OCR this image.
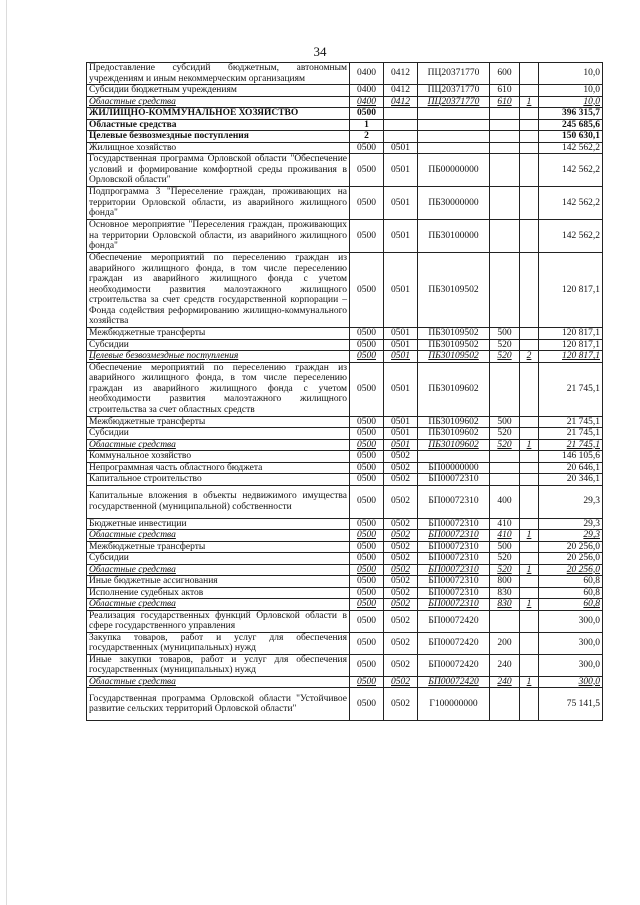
34
Предоставление субсидий бюджетным, автономным учреждениям и иным некоммерческим организациям	0400	0412	ПЦ20371770	600		10,0
Субсидии бюджетным учреждениям	0400	0412	ПЦ20371770	610		10,0
Областные средства	0400	0412	ПЦ20371770	610	1	10,0
ЖИЛИЩНО-КОММУНАЛЬНОЕ ХОЗЯЙСТВО	0500					396 315,7
Областные средства	1					245 685,6
Целевые безвозмездные поступления	2					150 630,1
Жилищное хозяйство	0500	0501				142 562,2
Государственная программа Орловской области "Обеспечение условий и формирование комфортной среды проживания в Орловской области"	0500	0501	ПБ00000000			142 562,2
Подпрограмма 3 "Переселение граждан, проживающих на территории Орловской области, из аварийного жилищного фонда"	0500	0501	ПБ30000000			142 562,2
Основное мероприятие "Переселения граждан, проживающих на территории Орловской области, из аварийного жилищного фонда"	0500	0501	ПБ30100000			142 562,2
Обеспечение мероприятий по переселению граждан из аварийного жилищного фонда, в том числе переселению граждан из аварийного жилищного фонда с учетом необходимости развития малоэтажного жилищного строительства за счет средств государственной корпорации – Фонда содействия реформированию жилищно-коммунального хозяйства	0500	0501	ПБ30109502			120 817,1
Межбюджетные трансферты	0500	0501	ПБ30109502	500		120 817,1
Субсидии	0500	0501	ПБ30109502	520		120 817,1
Целевые безвозмездные поступления	0500	0501	ПБ30109502	520	2	120 817,1
Обеспечение мероприятий по переселению граждан из аварийного жилищного фонда, в том числе переселению граждан из аварийного жилищного фонда с учетом необходимости развития малоэтажного жилищного строительства за счет областных средств	0500	0501	ПБ30109602			21 745,1
Межбюджетные трансферты	0500	0501	ПБ30109602	500		21 745,1
Субсидии	0500	0501	ПБ30109602	520		21 745,1
Областные средства	0500	0501	ПБ30109602	520	1	21 745,1
Коммунальное хозяйство	0500	0502				146 105,6
Непрограммная часть областного бюджета	0500	0502	БП00000000			20 646,1
Капитальное строительство	0500	0502	БП00072310			20 346,1
Капитальные вложения в объекты недвижимого имущества государственной (муниципальной) собственности	0500	0502	БП00072310	400		29,3
Бюджетные инвестиции	0500	0502	БП00072310	410		29,3
Областные средства	0500	0502	БП00072310	410	1	29,3
Межбюджетные трансферты	0500	0502	БП00072310	500		20 256,0
Субсидии	0500	0502	БП00072310	520		20 256,0
Областные средства	0500	0502	БП00072310	520	1	20 256,0
Иные бюджетные ассигнования	0500	0502	БП00072310	800		60,8
Исполнение судебных актов	0500	0502	БП00072310	830		60,8
Областные средства	0500	0502	БП00072310	830	1	60,8
Реализация государственных функций Орловской области в сфере государственного управления	0500	0502	БП00072420			300,0
Закупка товаров, работ и услуг для обеспечения государственных (муниципальных) нужд	0500	0502	БП00072420	200		300,0
Иные закупки товаров, работ и услуг для обеспечения государственных (муниципальных) нужд	0500	0502	БП00072420	240		300,0
Областные средства	0500	0502	БП00072420	240	1	300,0
Государственная программа Орловской области "Устойчивое развитие сельских территорий Орловской области"	0500	0502	Г100000000			75 141,5
